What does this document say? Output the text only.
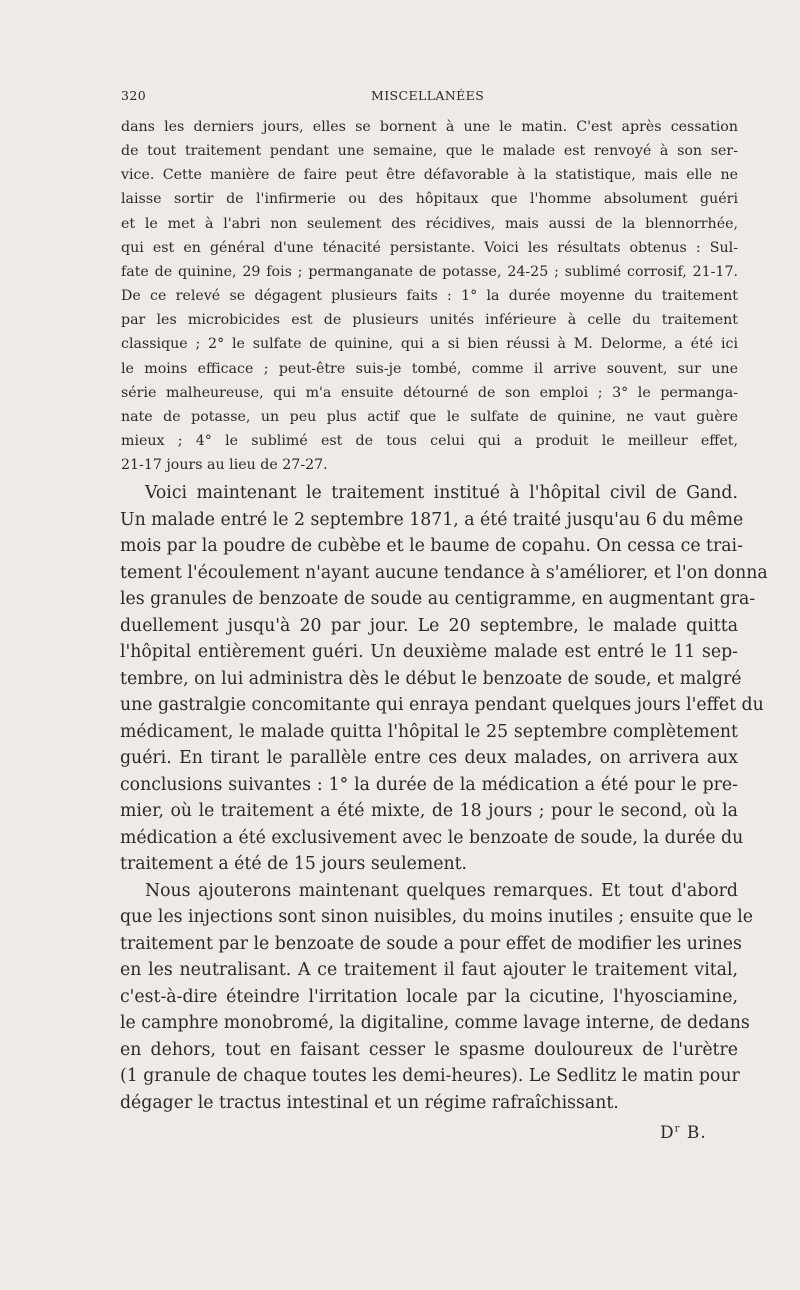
320	MISCELLANÉES

dans les derniers jours, elles se bornent à une le matin. C'est après cessation
de tout traitement pendant une semaine, que le malade est renvoyé à son ser-
vice. Cette manière de faire peut être défavorable à la statistique, mais elle ne
laisse sortir de l'infirmerie ou des hôpitaux que l'homme absolument guéri
et le met à l'abri non seulement des récidives, mais aussi de la blennorrhée,
qui est en général d'une ténacité persistante. Voici les résultats obtenus : Sul-
fate de quinine, 29 fois ; permanganate de potasse, 24-25 ; sublimé corrosif, 21-17.
De ce relevé se dégagent plusieurs faits : 1° la durée moyenne du traitement
par les microbicides est de plusieurs unités inférieure à celle du traitement
classique ; 2° le sulfate de quinine, qui a si bien réussi à M. Delorme, a été ici
le moins efficace ; peut-être suis-je tombé, comme il arrive souvent, sur une
série malheureuse, qui m'a ensuite détourné de son emploi ; 3° le permanga-
nate de potasse, un peu plus actif que le sulfate de quinine, ne vaut guère
mieux ; 4° le sublimé est de tous celui qui a produit le meilleur effet,
21-17 jours au lieu de 27-27.

Voici maintenant le traitement institué à l'hôpital civil de Gand.
Un malade entré le 2 septembre 1871, a été traité jusqu'au 6 du même
mois par la poudre de cubèbe et le baume de copahu. On cessa ce trai-
tement l'écoulement n'ayant aucune tendance à s'améliorer, et l'on donna
les granules de benzoate de soude au centigramme, en augmentant gra-
duellement jusqu'à 20 par jour. Le 20 septembre, le malade quitta
l'hôpital entièrement guéri. Un deuxième malade est entré le 11 sep-
tembre, on lui administra dès le début le benzoate de soude, et malgré
une gastralgie concomitante qui enraya pendant quelques jours l'effet du
médicament, le malade quitta l'hôpital le 25 septembre complètement
guéri. En tirant le parallèle entre ces deux malades, on arrivera aux
conclusions suivantes : 1° la durée de la médication a été pour le pre-
mier, où le traitement a été mixte, de 18 jours ; pour le second, où la
médication a été exclusivement avec le benzoate de soude, la durée du
traitement a été de 15 jours seulement.

Nous ajouterons maintenant quelques remarques. Et tout d'abord
que les injections sont sinon nuisibles, du moins inutiles ; ensuite que le
traitement par le benzoate de soude a pour effet de modifier les urines
en les neutralisant. A ce traitement il faut ajouter le traitement vital,
c'est-à-dire éteindre l'irritation locale par la cicutine, l'hyosciamine,
le camphre monobromé, la digitaline, comme lavage interne, de dedans
en dehors, tout en faisant cesser le spasme douloureux de l'urètre
(1 granule de chaque toutes les demi-heures). Le Sedlitz le matin pour
dégager le tractus intestinal et un régime rafraîchissant.

$D^r$ B.
